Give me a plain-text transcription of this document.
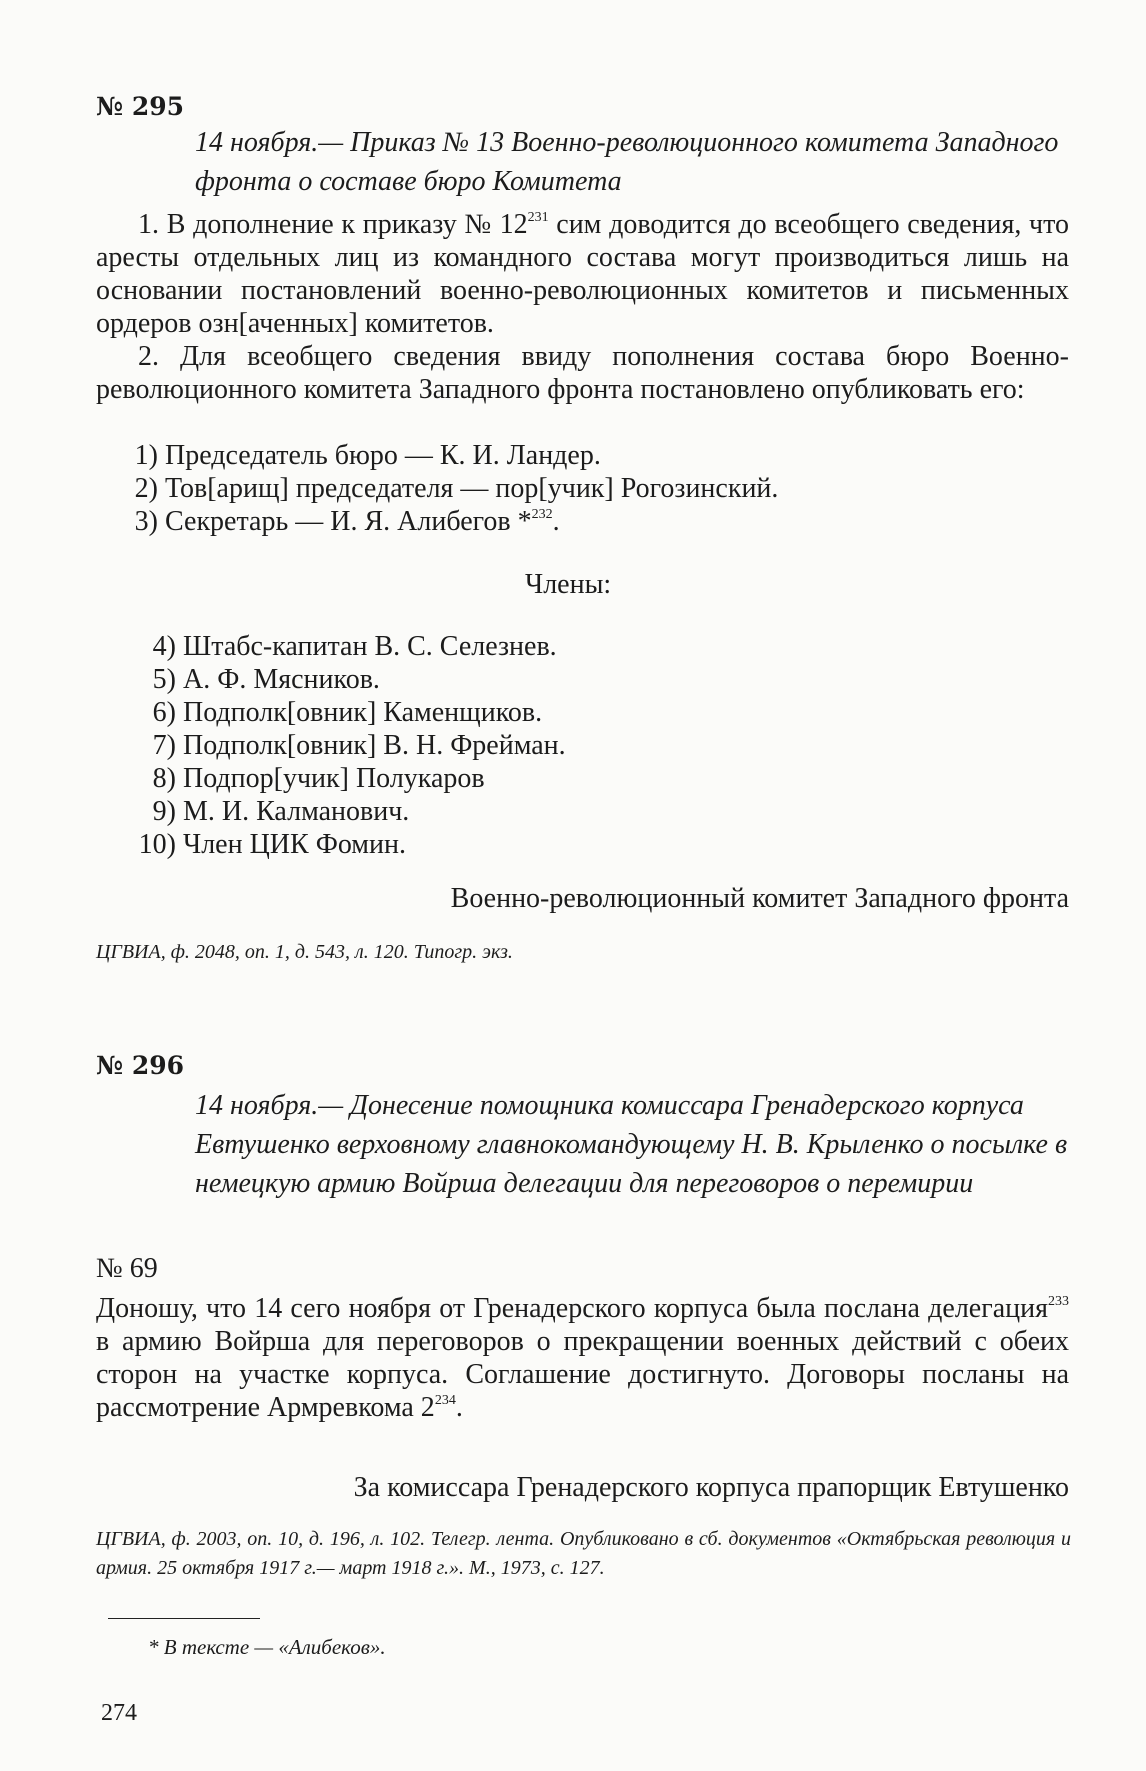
№ 295
14 ноября.— Приказ № 13 Военно-революционного комитета Западного фронта о составе бюро Комитета

1. В дополнение к приказу № $12^{231}$ сим доводится до всеобщего сведения, что аресты отдельных лиц из командного состава могут производиться лишь на основании постановлений военно-революционных комитетов и письменных ордеров озн[аченных] комитетов.

2. Для всеобщего сведения ввиду пополнения состава бюро Военно-революционного комитета Западного фронта постановлено опубликовать его:

1) Председатель бюро — К. И. Ландер.
2) Тов[арищ] председателя — пор[учик] Рогозинский.
3) Секретарь — И. Я. Алибегов *$^{232}$.
Члены:
4) Штабс-капитан В. С. Селезнев.
5) А. Ф. Мясников.
6) Подполк[овник] Каменщиков.
7) Подполк[овник] В. Н. Фрейман.
8) Подпор[учик] Полукаров
9) М. И. Калманович.
10) Член ЦИК Фомин.
Военно-революционный комитет Западного фронта
ЦГВИА, ф. 2048, оп. 1, д. 543, л. 120. Типогр. экз.
№ 296
14 ноября.— Донесение помощника комиссара Гренадерского корпуса Евтушенко верховному главнокомандующему Н. В. Крыленко о посылке в немецкую армию Войрша делегации для переговоров о перемирии
№ 69

Доношу, что 14 сего ноября от Гренадерского корпуса была послана делегация$^{233}$ в армию Войрша для переговоров о прекращении военных действий с обеих сторон на участке корпуса. Соглашение достигнуто. Договоры посланы на рассмотрение Армревкома $2^{234}$.

За комиссара Гренадерского корпуса прапорщик Евтушенко
ЦГВИА, ф. 2003, оп. 10, д. 196, л. 102. Телегр. лента. Опубликовано в сб. документов «Октябрьская революция и армия. 25 октября 1917 г.— март 1918 г.». М., 1973, с. 127.
* В тексте — «Алибеков».
274
